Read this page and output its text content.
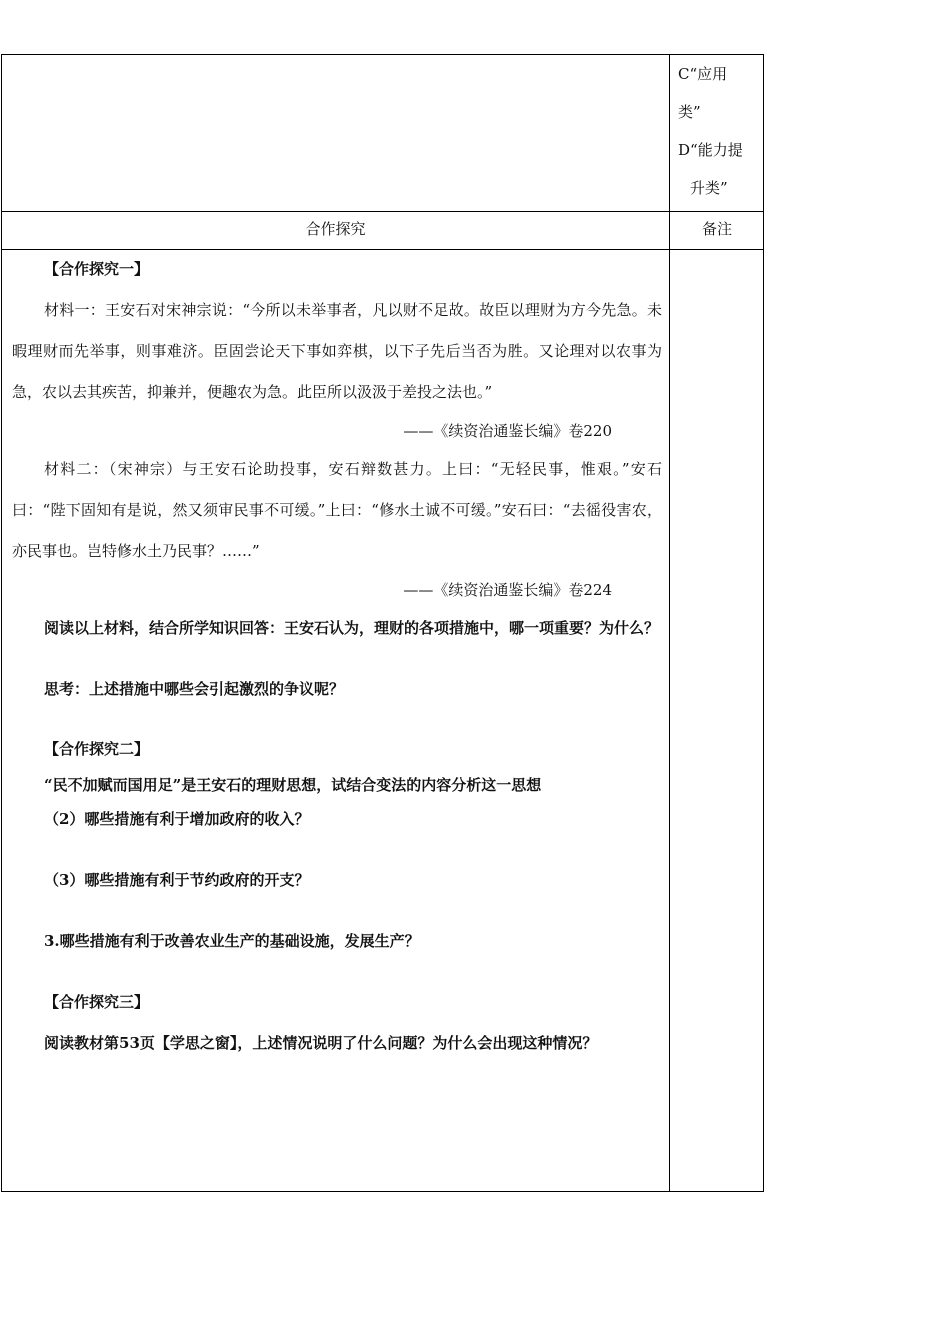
C“应用
类”
D“能力提
升类”
合作探究	备注

【合作探究一】

材料一：王安石对宋神宗说：“今所以未举事者，凡以财不足故。故臣以理财为方今先急。未暇理财而先举事，则事难济。臣固尝论天下事如弈棋，以下子先后当否为胜。又论理对以农事为急，农以去其疾苦，抑兼并，便趣农为急。此臣所以汲汲于差投之法也。”

——《续资治通鉴长编》卷220

材料二：（宋神宗）与王安石论助投事，安石辩数甚力。上曰：“无轻民事，惟艰。”安石曰：“陛下固知有是说，然又须审民事不可缓。”上曰：“修水土诚不可缓。”安石曰：“去徭役害农，亦民事也。岂特修水土乃民事？……”

——《续资治通鉴长编》卷224

阅读以上材料，结合所学知识回答：王安石认为，理财的各项措施中，哪一项重要？为什么？

思考：上述措施中哪些会引起激烈的争议呢？

【合作探究二】

“民不加赋而国用足”是王安石的理财思想，试结合变法的内容分析这一思想

（2）哪些措施有利于增加政府的收入？

（3）哪些措施有利于节约政府的开支？

3.哪些措施有利于改善农业生产的基础设施，发展生产？

【合作探究三】

阅读教材第53页【学思之窗】，上述情况说明了什么问题？为什么会出现这种情况？
